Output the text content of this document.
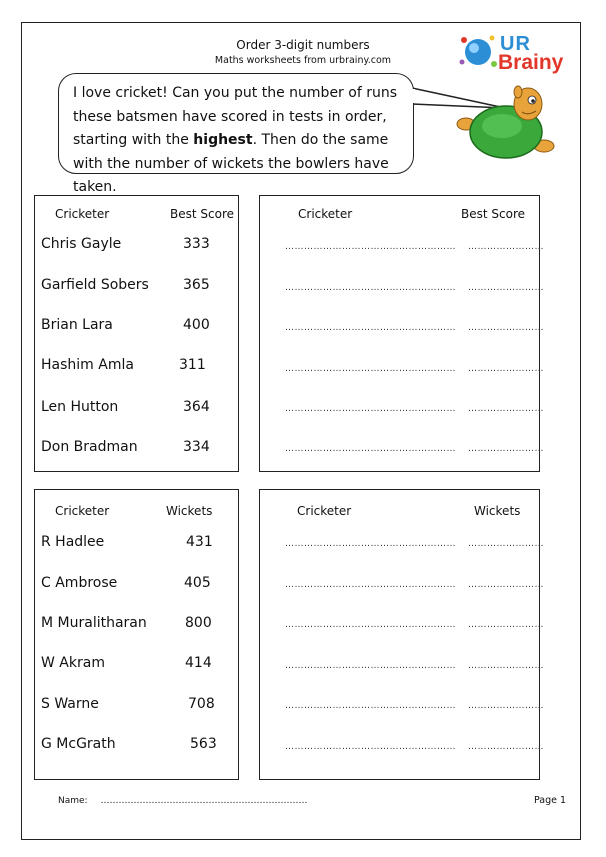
Order 3-digit numbers
Maths worksheets from urbrainy.com
UR
Brainy
I love cricket! Can you put the number of runs these batsmen have scored in tests in order, starting with the highest. Then do the same with the number of wickets the bowlers have taken.
Cricketer	Best Score
Chris Gayle	333
Garfield Sobers 365
Brian Lara	400
Hashim Amla	311
Len Hutton	364
Don Bradman	334
Cricketer	Best Score
……………………………………………… ……………………
……………………………………………… ……………………
……………………………………………… ……………………
……………………………………………… ……………………
……………………………………………… ……………………
……………………………………………… ……………………
Cricketer	Wickets
R Hadlee	431
C Ambrose	405
M Muralitharan	800
W Akram	414
S Warne	708
G McGrath	563
Cricketer	Wickets
……………………………………………… ……………………
……………………………………………… ……………………
……………………………………………… ……………………
……………………………………………… ……………………
……………………………………………… ……………………
……………………………………………… ……………………
Name: ……………………………………………………………	Page 1
